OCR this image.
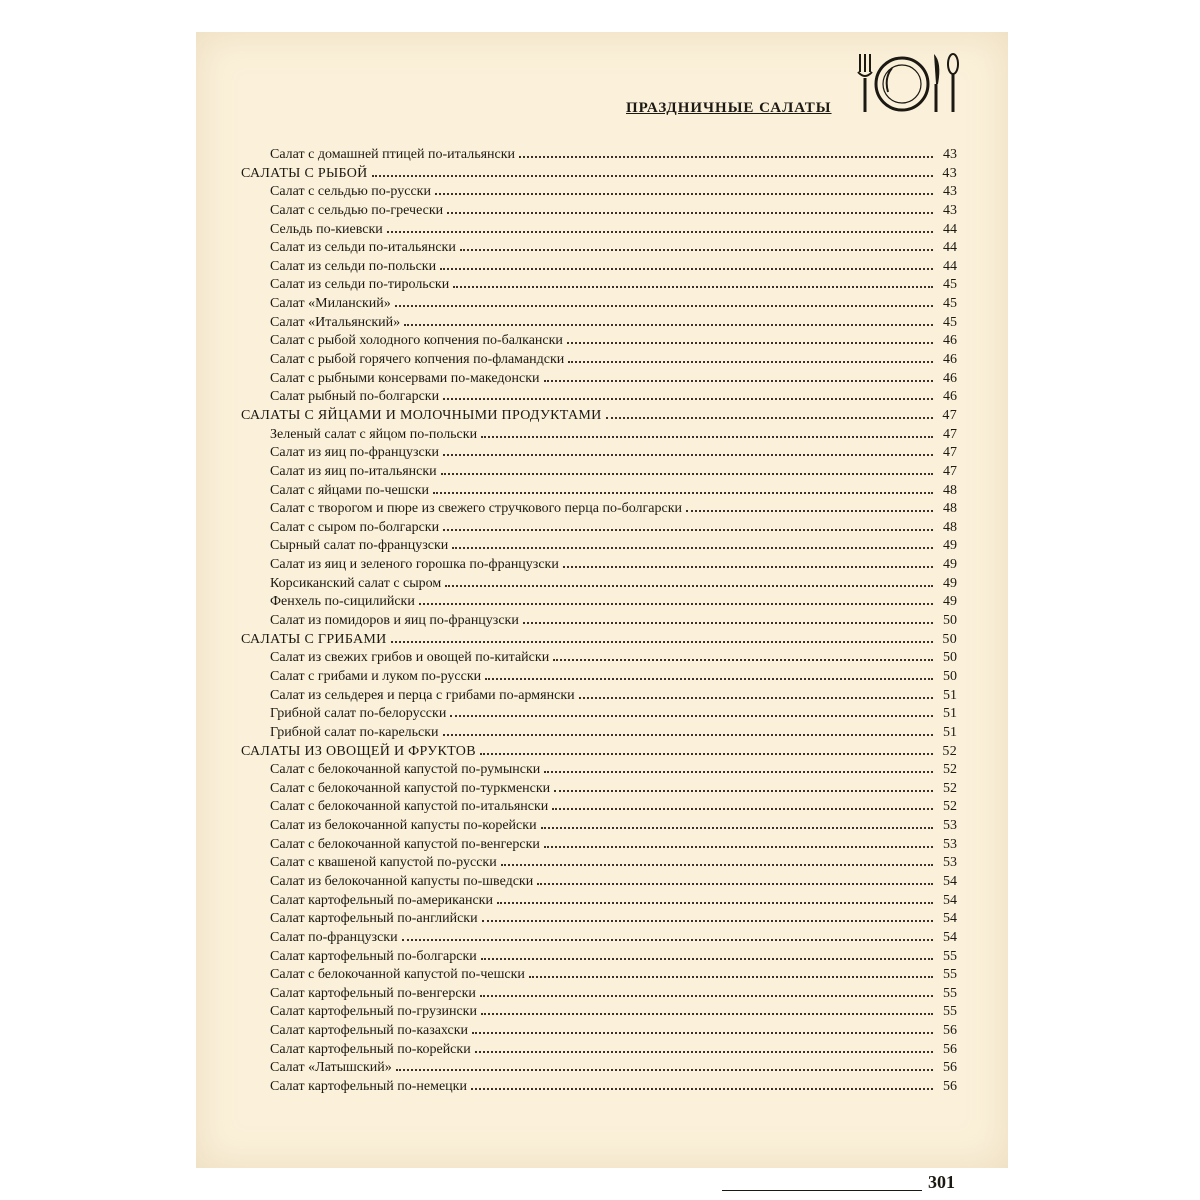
ПРАЗДНИЧНЫЕ САЛАТЫ
Салат с домашней птицей по-итальянски	43
САЛАТЫ С РЫБОЙ	43
Салат с сельдью по-русски	43
Салат с сельдью по-гречески	43
Сельдь по-киевски	44
Салат из сельди по-итальянски	44
Салат из сельди по-польски	44
Салат из сельди по-тирольски	45
Салат «Миланский»	45
Салат «Итальянский»	45
Салат с рыбой холодного копчения по-балкански	46
Салат с рыбой горячего копчения по-фламандски	46
Салат с рыбными консервами по-македонски	46
Салат рыбный по-болгарски	46
САЛАТЫ С ЯЙЦАМИ И МОЛОЧНЫМИ ПРОДУКТАМИ	47
Зеленый салат с яйцом по-польски	47
Салат из яиц по-французски	47
Салат из яиц по-итальянски	47
Салат с яйцами по-чешски	48
Салат с творогом и пюре из свежего стручкового перца по-болгарски	48
Салат с сыром по-болгарски	48
Сырный салат по-французски	49
Салат из яиц и зеленого горошка по-французски	49
Корсиканский салат с сыром	49
Фенхель по-сицилийски	49
Салат из помидоров и яиц по-французски	50
САЛАТЫ С ГРИБАМИ	50
Салат из свежих грибов и овощей по-китайски	50
Салат с грибами и луком по-русски	50
Салат из сельдерея и перца с грибами по-армянски	51
Грибной салат по-белорусски	51
Грибной салат по-карельски	51
САЛАТЫ ИЗ ОВОЩЕЙ И ФРУКТОВ	52
Салат с белокочанной капустой по-румынски	52
Салат с белокочанной капустой по-туркменски	52
Салат с белокочанной капустой по-итальянски	52
Салат из белокочанной капусты по-корейски	53
Салат с белокочанной капустой по-венгерски	53
Салат с квашеной капустой по-русски	53
Салат из белокочанной капусты по-шведски	54
Салат картофельный по-американски	54
Салат картофельный по-английски	54
Салат по-французски	54
Салат картофельный по-болгарски	55
Салат с белокочанной капустой по-чешски	55
Салат картофельный по-венгерски	55
Салат картофельный по-грузински	55
Салат картофельный по-казахски	56
Салат картофельный по-корейски	56
Салат «Латышский»	56
Салат картофельный по-немецки	56
301
